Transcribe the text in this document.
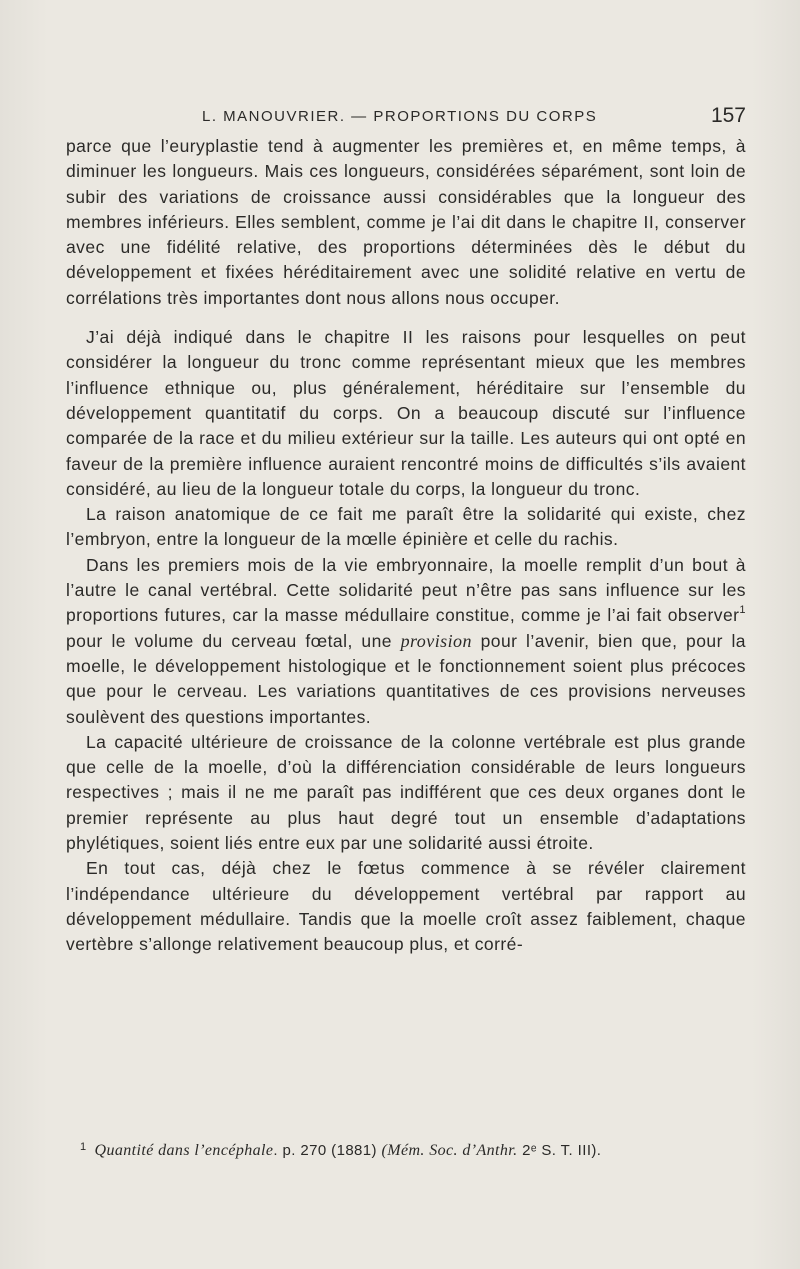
L. MANOUVRIER. — PROPORTIONS DU CORPS	157

parce que l’euryplastie tend à augmenter les premières et, en même temps, à diminuer les longueurs. Mais ces longueurs, considérées séparément, sont loin de subir des variations de croissance aussi considérables que la longueur des membres inférieurs. Elles semblent, comme je l’ai dit dans le chapitre II, conserver avec une fidélité relative, des proportions déterminées dès le début du développement et fixées héréditairement avec une solidité relative en vertu de corrélations très importantes dont nous allons nous occuper.

J’ai déjà indiqué dans le chapitre II les raisons pour lesquelles on peut considérer la longueur du tronc comme représentant mieux que les membres l’influence ethnique ou, plus généralement, héréditaire sur l’ensemble du développement quantitatif du corps. On a beaucoup discuté sur l’influence comparée de la race et du milieu extérieur sur la taille. Les auteurs qui ont opté en faveur de la première influence auraient rencontré moins de difficultés s’ils avaient considéré, au lieu de la longueur totale du corps, la longueur du tronc.

La raison anatomique de ce fait me paraît être la solidarité qui existe, chez l’embryon, entre la longueur de la mœlle épinière et celle du rachis.

Dans les premiers mois de la vie embryonnaire, la moelle remplit d’un bout à l’autre le canal vertébral. Cette solidarité peut n’être pas sans influence sur les proportions futures, car la masse médullaire constitue, comme je l’ai fait observer$^1$ pour le volume du cerveau fœtal, une provision pour l’avenir, bien que, pour la moelle, le développement histologique et le fonctionnement soient plus précoces que pour le cerveau. Les variations quantitatives de ces provisions nerveuses soulèvent des questions importantes.

La capacité ultérieure de croissance de la colonne vertébrale est plus grande que celle de la moelle, d’où la différenciation considérable de leurs longueurs respectives ; mais il ne me paraît pas indifférent que ces deux organes dont le premier représente au plus haut degré tout un ensemble d’adaptations phylétiques, soient liés entre eux par une solidarité aussi étroite.

En tout cas, déjà chez le fœtus commence à se révéler clairement l’indépendance ultérieure du développement vertébral par rapport au développement médullaire. Tandis que la moelle croît assez faiblement, chaque vertèbre s’allonge relativement beaucoup plus, et corré-

$^1$ Quantité dans l’encéphale. p. 270 (1881) (Mém. Soc. d’Anthr. 2ᵉ S. T. III).
